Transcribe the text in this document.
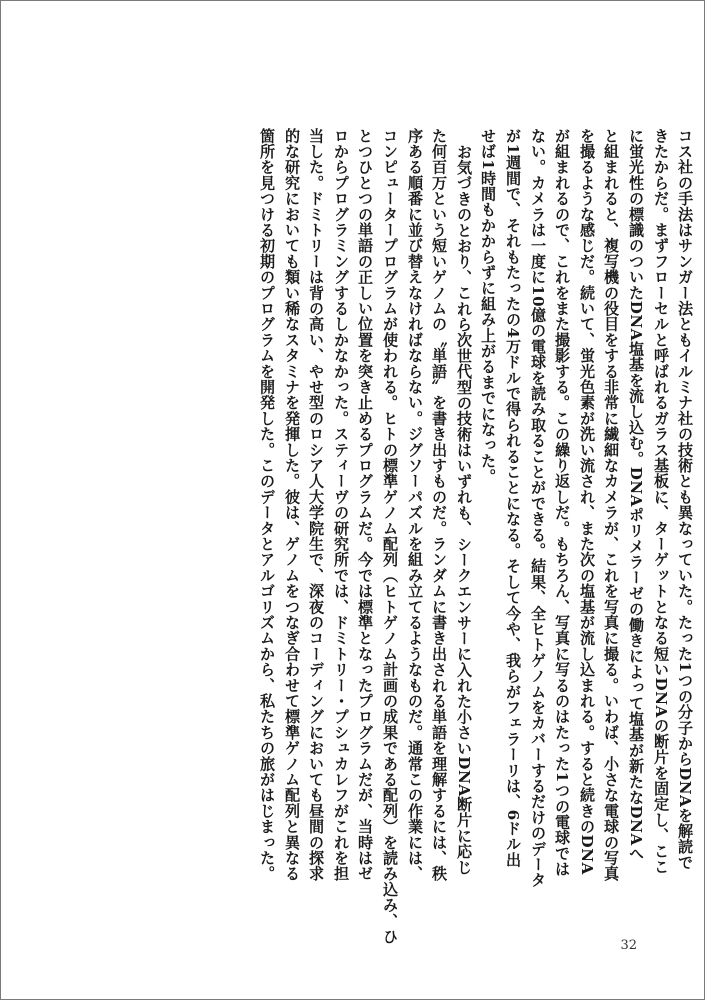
コス社の手法はサンガー法ともイルミナ社の技術とも異なっていた。たった1つの分子からDNAを解読で
きたからだ。まずフローセルと呼ばれるガラス基板に、ターゲットとなる短いDNAの断片を固定し、ここ
に蛍光性の標識のついたDNA塩基を流し込む。DNAポリメラーゼの働きによって塩基が新たなDNAへ
と組まれると、複写機の役目をする非常に繊細なカメラが、これを写真に撮る。いわば、小さな電球の写真
を撮るような感じだ。続いて、蛍光色素が洗い流され、また次の塩基が流し込まれる。すると続きのDNA
が組まれるので、これをまた撮影する。この繰り返しだ。もちろん、写真に写るのはたった1つの電球では
ない。カメラは一度に10億の電球を読み取ることができる。結果、全ヒトゲノムをカバーするだけのデータ
が1週間で、それもたったの4万ドルで得られることになる。そして今や、我らがフェラーリは、6ドル出
せば1時間もかからずに組み上がるまでになった。
お気づきのとおり、これら次世代型の技術はいずれも、シークエンサーに入れた小さいDNA断片に応じ
た何百万という短いゲノムの〝単語〟を書き出すものだ。ランダムに書き出される単語を理解するには、秩
序ある順番に並び替えなければならない。ジグソーパズルを組み立てるようなものだ。通常この作業には、
コンピュータープログラムが使われる。ヒトの標準ゲノム配列（ヒトゲノム計画の成果である配列）を読み込み、ひ
とつひとつの単語の正しい位置を突き止めるプログラムだ。今では標準となったプログラムだが、当時はゼ
ロからプログラミングするしかなかった。スティーヴの研究所では、ドミトリー・プシュカレフがこれを担
当した。ドミトリーは背の高い、やせ型のロシア人大学院生で、深夜のコーディングにおいても昼間の探求
的な研究においても類い稀なスタミナを発揮した。彼は、ゲノムをつなぎ合わせて標準ゲノム配列と異なる
箇所を見つける初期のプログラムを開発した。このデータとアルゴリズムから、私たちの旅がはじまった。
32
